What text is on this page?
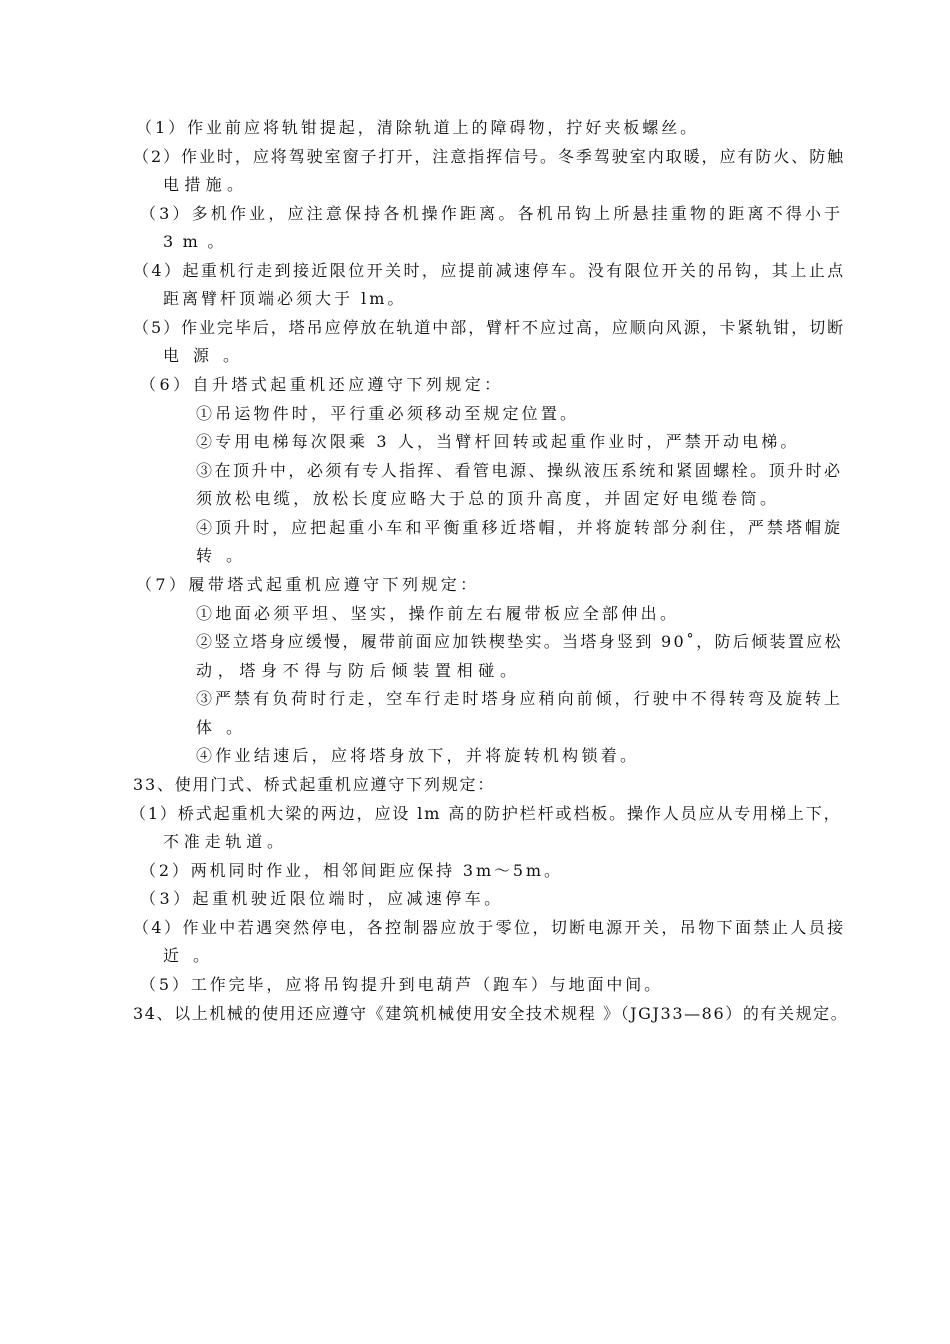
（1）作业前应将轨钳提起，清除轨道上的障碍物，拧好夹板螺丝。
（2）作业时，应将驾驶室窗子打开，注意指挥信号。冬季驾驶室内取暖，应有防火、防触
电措施。
（3）多机作业，应注意保持各机操作距离。各机吊钩上所悬挂重物的距离不得小于
3m。
（4）起重机行走到接近限位开关时，应提前减速停车。没有限位开关的吊钩，其上止点
距离臂杆顶端必须大于 lm。
（5）作业完毕后，塔吊应停放在轨道中部，臂杆不应过高，应顺向风源，卡紧轨钳，切断
电源。
（6）自升塔式起重机还应遵守下列规定：
①吊运物件时，平行重必须移动至规定位置。
②专用电梯每次限乘 3 人，当臂杆回转或起重作业时，严禁开动电梯。
③在顶升中，必须有专人指挥、看管电源、操纵液压系统和紧固螺栓。顶升时必
须放松电缆，放松长度应略大于总的顶升高度，并固定好电缆卷筒。
④顶升时，应把起重小车和平衡重移近塔帽，并将旋转部分刹住，严禁塔帽旋
转。
（7）履带塔式起重机应遵守下列规定：
①地面必须平坦、坚实，操作前左右履带板应全部伸出。
②竖立塔身应缓慢，履带前面应加铁楔垫实。当塔身竖到 90˚，防后倾装置应松
动，塔身不得与防后倾装置相碰。
③严禁有负荷时行走，空车行走时塔身应稍向前倾，行驶中不得转弯及旋转上
体。
④作业结速后，应将塔身放下，并将旋转机构锁着。
33、使用门式、桥式起重机应遵守下列规定：
（1）桥式起重机大梁的两边，应设 lm 高的防护栏杆或档板。操作人员应从专用梯上下，
不准走轨道。
（2）两机同时作业，相邻间距应保持 3m～5m。
（3）起重机驶近限位端时，应减速停车。
（4）作业中若遇突然停电，各控制器应放于零位，切断电源开关，吊物下面禁止人员接
近。
（5）工作完毕，应将吊钩提升到电葫芦（跑车）与地面中间。
34、以上机械的使用还应遵守《建筑机械使用安全技术规程 》（JGJ33—86）的有关规定。
